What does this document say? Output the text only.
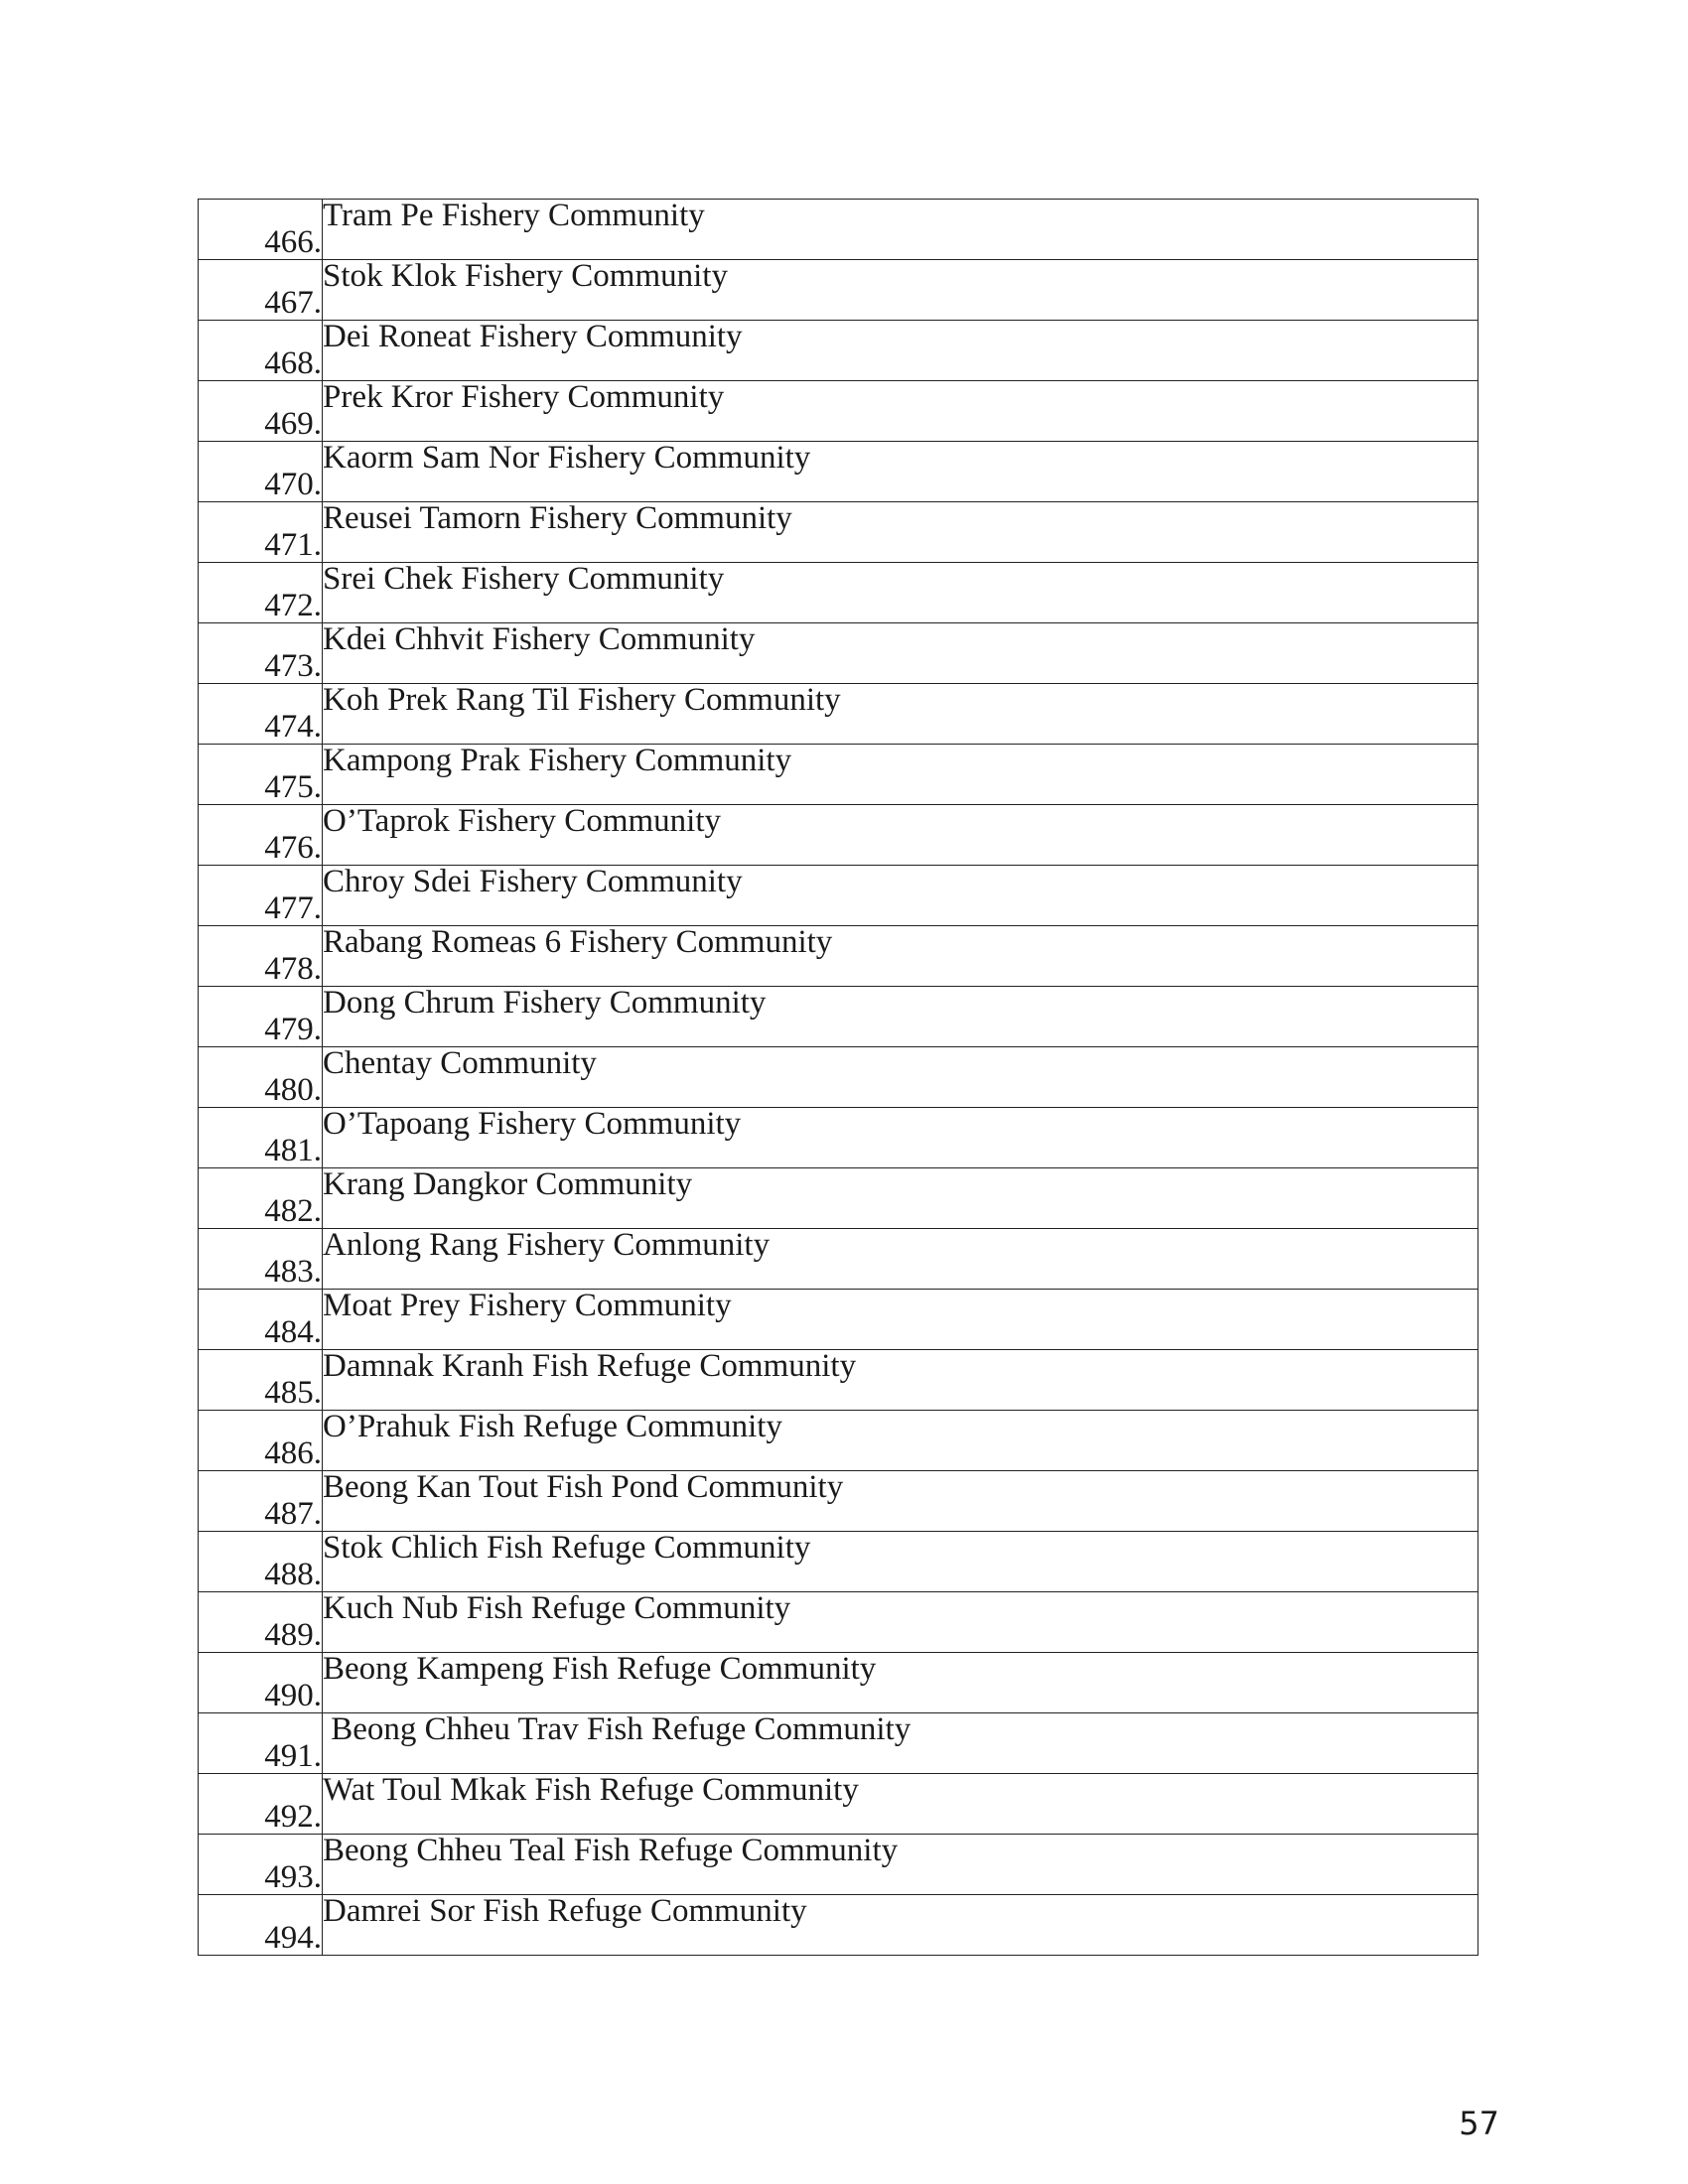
466.	Tram Pe Fishery Community
467.	Stok Klok Fishery Community
468.	Dei Roneat Fishery Community
469.	Prek Kror Fishery Community
470.	Kaorm Sam Nor Fishery Community
471.	Reusei Tamorn Fishery Community
472.	Srei Chek Fishery Community
473.	Kdei Chhvit Fishery Community
474.	Koh Prek Rang Til Fishery Community
475.	Kampong Prak Fishery Community
476.	O’Taprok Fishery Community
477.	Chroy Sdei Fishery Community
478.	Rabang Romeas 6 Fishery Community
479.	Dong Chrum Fishery Community
480.	Chentay Community
481.	O’Tapoang Fishery Community
482.	Krang Dangkor Community
483.	Anlong Rang Fishery Community
484.	Moat Prey Fishery Community
485.	Damnak Kranh Fish Refuge Community
486.	O’Prahuk Fish Refuge Community
487.	Beong Kan Tout Fish Pond Community
488.	Stok Chlich Fish Refuge Community
489.	Kuch Nub Fish Refuge Community
490.	Beong Kampeng Fish Refuge Community
491.	Beong Chheu Trav Fish Refuge Community
492.	Wat Toul Mkak Fish Refuge Community
493.	Beong Chheu Teal Fish Refuge Community
494.	Damrei Sor Fish Refuge Community
57
